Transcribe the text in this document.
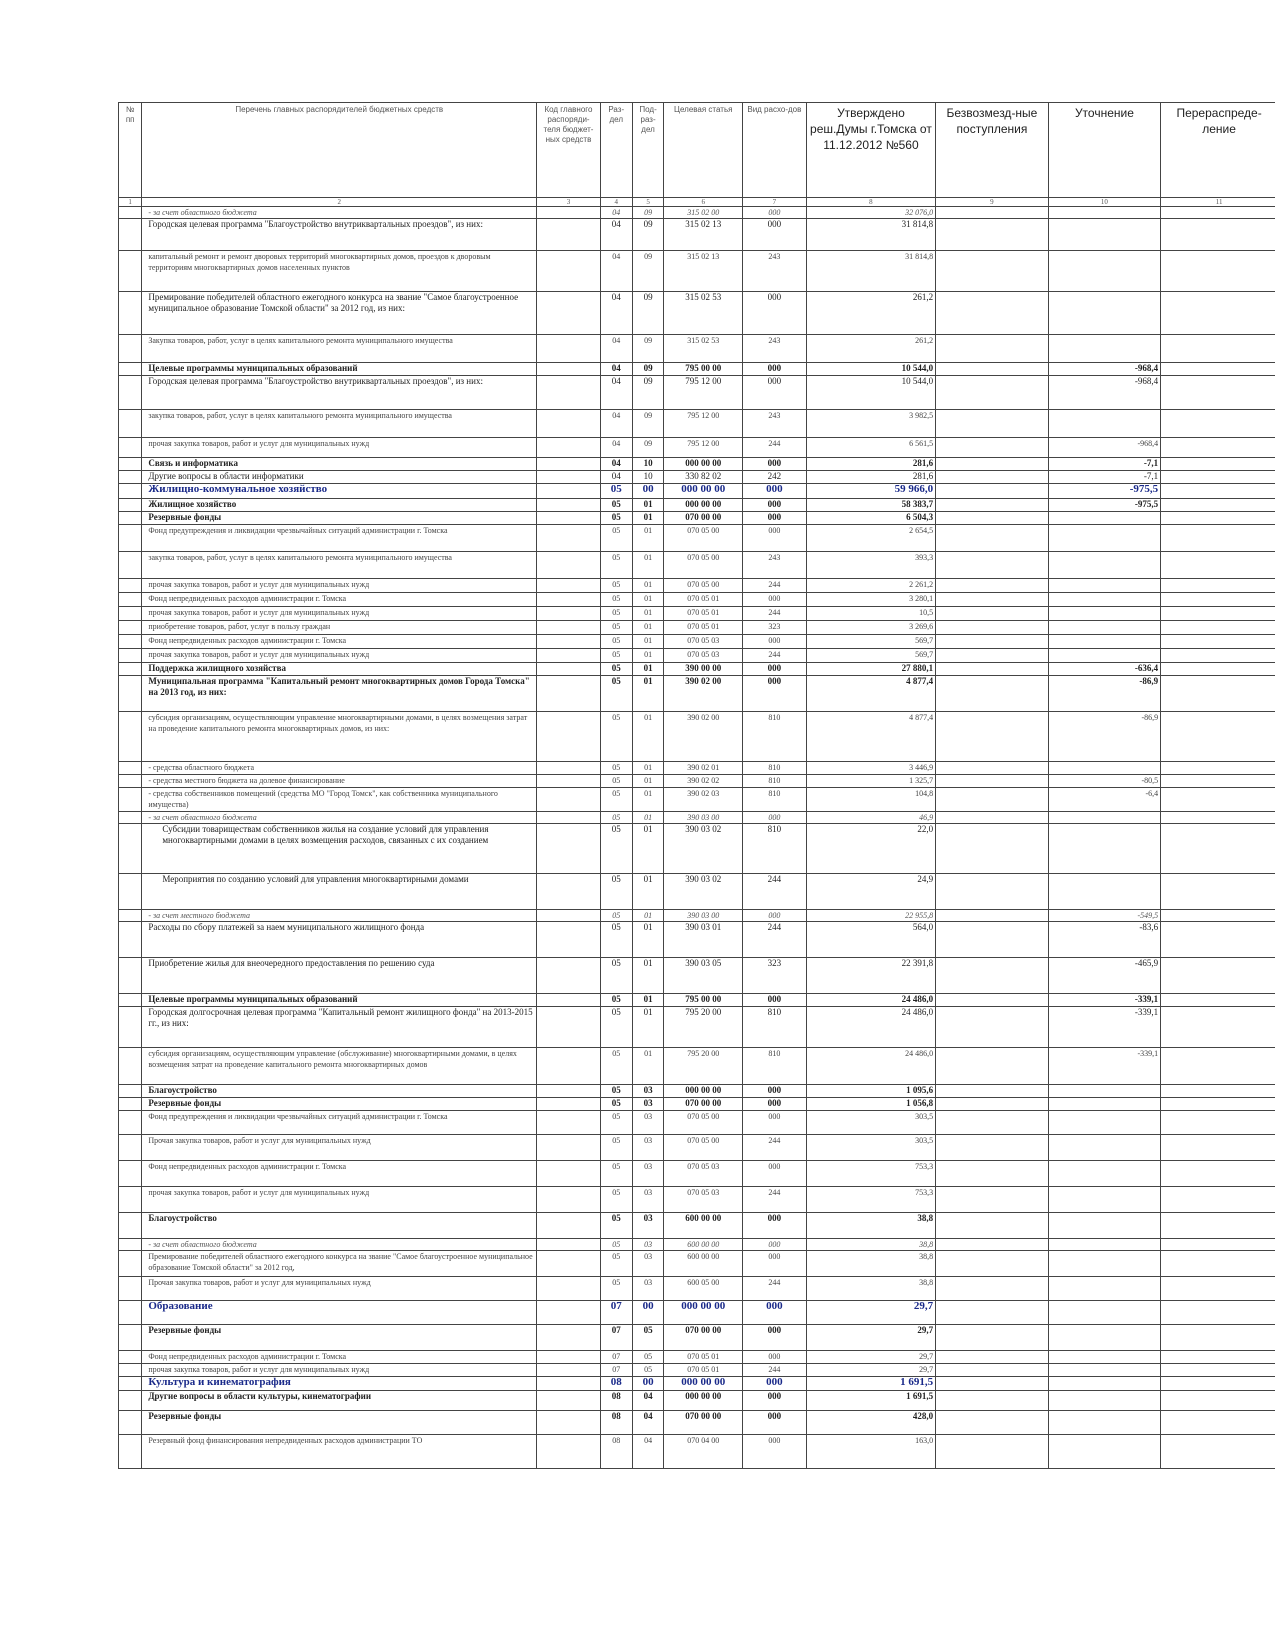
№ пп	Перечень главных распорядителей бюджетных средств	Код главного распоряди-теля бюджет-ных средств	Раз-дел	Под-раз-дел	Целевая статья	Вид расхо-дов	Утверждено реш.Думы г.Томска от 11.12.2012 №560	Безвозмезд-ные поступления	Уточнение	Перераспреде-ление
1	2	3	4	5	6	7	8	9	10	11
	- за счет областного бюджета		04	09	315 02 00	000	32 076,0			
	Городская целевая программа "Благоустройство внутриквартальных проездов", из них:		04	09	315 02 13	000	31 814,8			
	капитальный ремонт и ремонт дворовых территорий многоквартирных домов, проездов к дворовым территориям многоквартирных домов населенных пунктов		04	09	315 02 13	243	31 814,8			
	Премирование победителей областного ежегодного конкурса на звание "Самое благоустроенное муниципальное образование Томской области" за 2012 год, из них:		04	09	315 02 53	000	261,2			
	Закупка товаров, работ, услуг в целях капитального ремонта муниципального имущества		04	09	315 02 53	243	261,2			
	Целевые программы муниципальных образований		04	09	795 00 00	000	10 544,0		-968,4	
	Городская целевая программа "Благоустройство внутриквартальных проездов", из них:		04	09	795 12 00	000	10 544,0		-968,4	
	закупка товаров, работ, услуг в целях капитального ремонта муниципального имущества		04	09	795 12 00	243	3 982,5			
	прочая закупка товаров, работ и услуг для муниципальных нужд		04	09	795 12 00	244	6 561,5		-968,4	
	Связь и информатика		04	10	000 00 00	000	281,6		-7,1	
	Другие вопросы в области информатики		04	10	330 82 02	242	281,6		-7,1	
	Жилищно-коммунальное хозяйство		05	00	000 00 00	000	59 966,0		-975,5	
	Жилищное хозяйство		05	01	000 00 00	000	58 383,7		-975,5	
	Резервные фонды		05	01	070 00 00	000	6 504,3			
	Фонд предупреждения и ликвидации чрезвычайных ситуаций администрации г. Томска		05	01	070 05 00	000	2 654,5			
	закупка товаров, работ, услуг в целях капитального ремонта муниципального имущества		05	01	070 05 00	243	393,3			
	прочая закупка товаров, работ и услуг для муниципальных нужд		05	01	070 05 00	244	2 261,2			
	Фонд непредвиденных расходов администрации г. Томска		05	01	070 05 01	000	3 280,1			
	прочая закупка товаров, работ и услуг для муниципальных нужд		05	01	070 05 01	244	10,5			
	приобретение товаров, работ, услуг в пользу граждан		05	01	070 05 01	323	3 269,6			
	Фонд непредвиденных расходов администрации г. Томска		05	01	070 05 03	000	569,7			
	прочая закупка товаров, работ и услуг для муниципальных нужд		05	01	070 05 03	244	569,7			
	Поддержка жилищного хозяйства		05	01	390 00 00	000	27 880,1		-636,4	
	Муниципальная программа "Капитальный ремонт многоквартирных домов Города Томска" на 2013 год, из них:		05	01	390 02 00	000	4 877,4		-86,9	
	субсидия организациям, осуществляющим управление многоквартирными домами, в целях возмещения затрат на проведение капитального ремонта многоквартирных домов, из них:		05	01	390 02 00	810	4 877,4		-86,9	
	- средства областного бюджета		05	01	390 02 01	810	3 446,9			
	- средства местного бюджета на долевое финансирование		05	01	390 02 02	810	1 325,7		-80,5	
	- средства собственников помещений (средства МО "Город Томск", как собственника муниципального имущества)		05	01	390 02 03	810	104,8		-6,4	
	- за счет областного бюджета		05	01	390 03 00	000	46,9			
	Субсидии товариществам собственников жилья на создание условий для управления многоквартирными домами в целях возмещения расходов, связанных с их созданием		05	01	390 03 02	810	22,0			
	Мероприятия по созданию условий для управления многоквартирными домами		05	01	390 03 02	244	24,9			
	- за счет местного бюджета		05	01	390 03 00	000	22 955,8		-549,5	
	Расходы по сбору платежей за наем муниципального жилищного фонда		05	01	390 03 01	244	564,0		-83,6	
	Приобретение жилья для внеочередного предоставления по решению суда		05	01	390 03 05	323	22 391,8		-465,9	
	Целевые программы муниципальных образований		05	01	795 00 00	000	24 486,0		-339,1	
	Городская долгосрочная целевая программа "Капитальный ремонт жилищного фонда" на 2013-2015 гг., из них:		05	01	795 20 00	810	24 486,0		-339,1	
	субсидия организациям, осуществляющим управление (обслуживание) многоквартирными домами, в целях возмещения затрат на проведение капитального ремонта многоквартирных домов		05	01	795 20 00	810	24 486,0		-339,1	
	Благоустройство		05	03	000 00 00	000	1 095,6			
	Резервные фонды		05	03	070 00 00	000	1 056,8			
	Фонд предупреждения и ликвидации чрезвычайных ситуаций администрации г. Томска		05	03	070 05 00	000	303,5			
	Прочая закупка товаров, работ и услуг для муниципальных нужд		05	03	070 05 00	244	303,5			
	Фонд непредвиденных расходов администрации г. Томска		05	03	070 05 03	000	753,3			
	прочая закупка товаров, работ и услуг для муниципальных нужд		05	03	070 05 03	244	753,3			
	Благоустройство		05	03	600 00 00	000	38,8			
	- за счет областного бюджета		05	03	600 00 00	000	38,8			
	Премирование победителей областного ежегодного конкурса на звание "Самое благоустроенное муниципальное образование Томской области" за 2012 год,		05	03	600 00 00	000	38,8			
	Прочая закупка товаров, работ и услуг для муниципальных нужд		05	03	600 05 00	244	38,8			
	Образование		07	00	000 00 00	000	29,7			
	Резервные фонды		07	05	070 00 00	000	29,7			
	Фонд непредвиденных расходов администрации г. Томска		07	05	070 05 01	000	29,7			
	прочая закупка товаров, работ и услуг для муниципальных нужд		07	05	070 05 01	244	29,7			
	Культура и кинематография		08	00	000 00 00	000	1 691,5			
	Другие вопросы в области культуры, кинематографии		08	04	000 00 00	000	1 691,5			
	Резервные фонды		08	04	070 00 00	000	428,0			
	Резервный фонд финансирования непредвиденных расходов администрации ТО		08	04	070 04 00	000	163,0			
